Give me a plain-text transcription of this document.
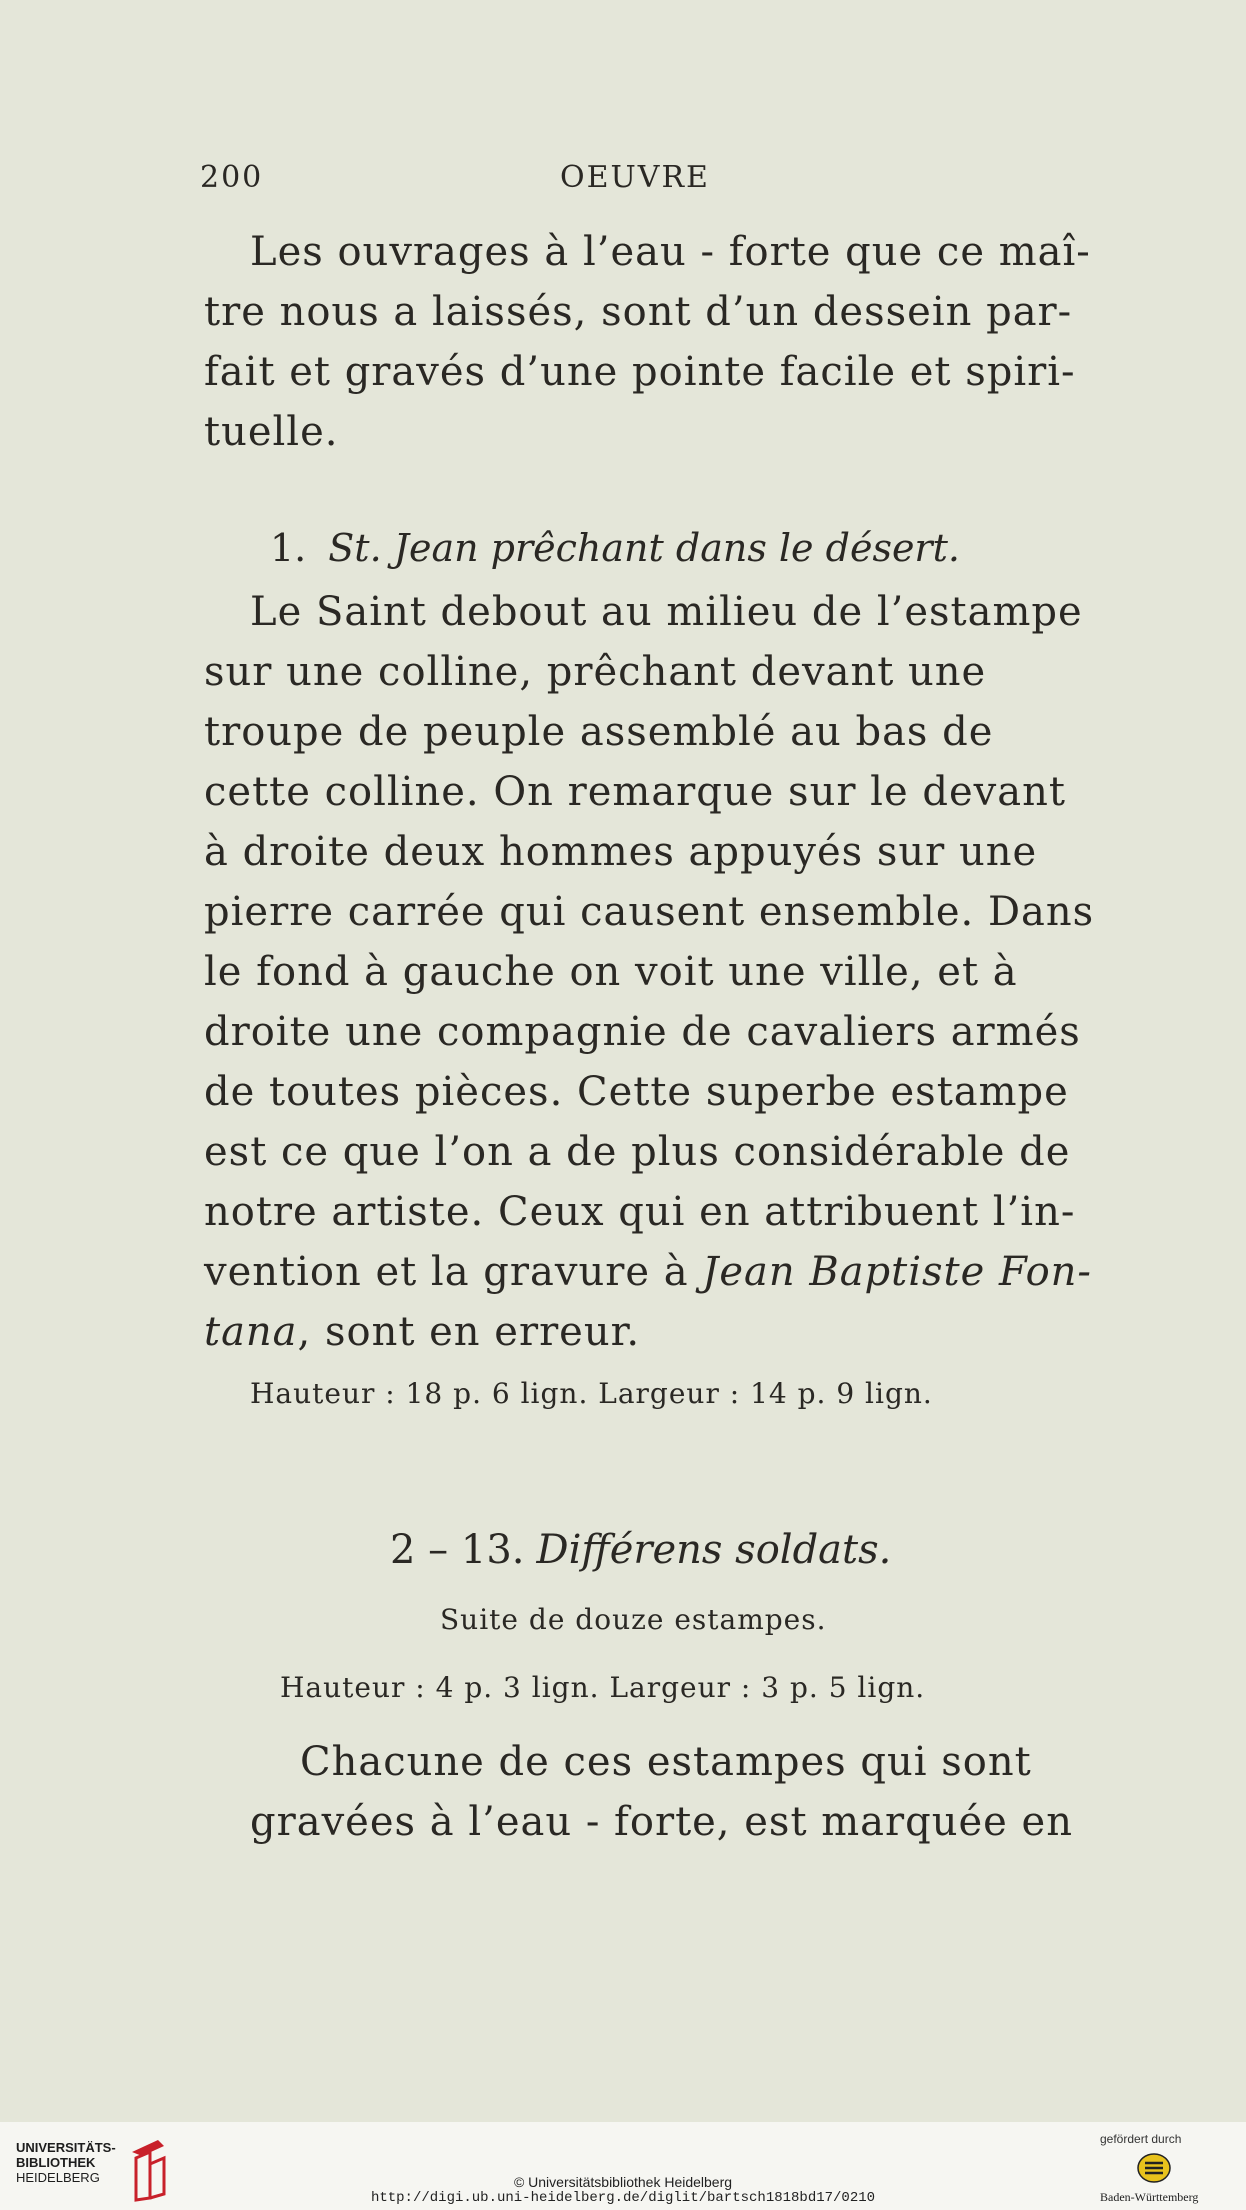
200	OEUVRE
Les ouvrages à l’eau - forte que ce maî-
tre nous a laissés, sont d’un dessein par-
fait et gravés d’une pointe facile et spiri-
tuelle.
1. St. Jean prêchant dans le désert.
Le Saint debout au milieu de l’estampe
sur une colline, prêchant devant une
troupe de peuple assemblé au bas de
cette colline. On remarque sur le devant
à droite deux hommes appuyés sur une
pierre carrée qui causent ensemble. Dans
le fond à gauche on voit une ville, et à
droite une compagnie de cavaliers armés
de toutes pièces. Cette superbe estampe
est ce que l’on a de plus considérable de
notre artiste. Ceux qui en attribuent l’in-
vention et la gravure à Jean Baptiste Fon-
tana, sont en erreur.
Hauteur : 18 p. 6 lign. Largeur : 14 p. 9 lign.
2 – 13. Différens soldats.
Suite de douze estampes.
Hauteur : 4 p. 3 lign. Largeur : 3 p. 5 lign.
Chacune de ces estampes qui sont
gravées à l’eau - forte, est marquée en
UNIVERSITÄTS-
BIBLIOTHEK
HEIDELBERG	© Universitätsbibliothek Heidelberg
http://digi.ub.uni-heidelberg.de/diglit/bartsch1818bd17/0210
gefördert durch
Baden-Württemberg
